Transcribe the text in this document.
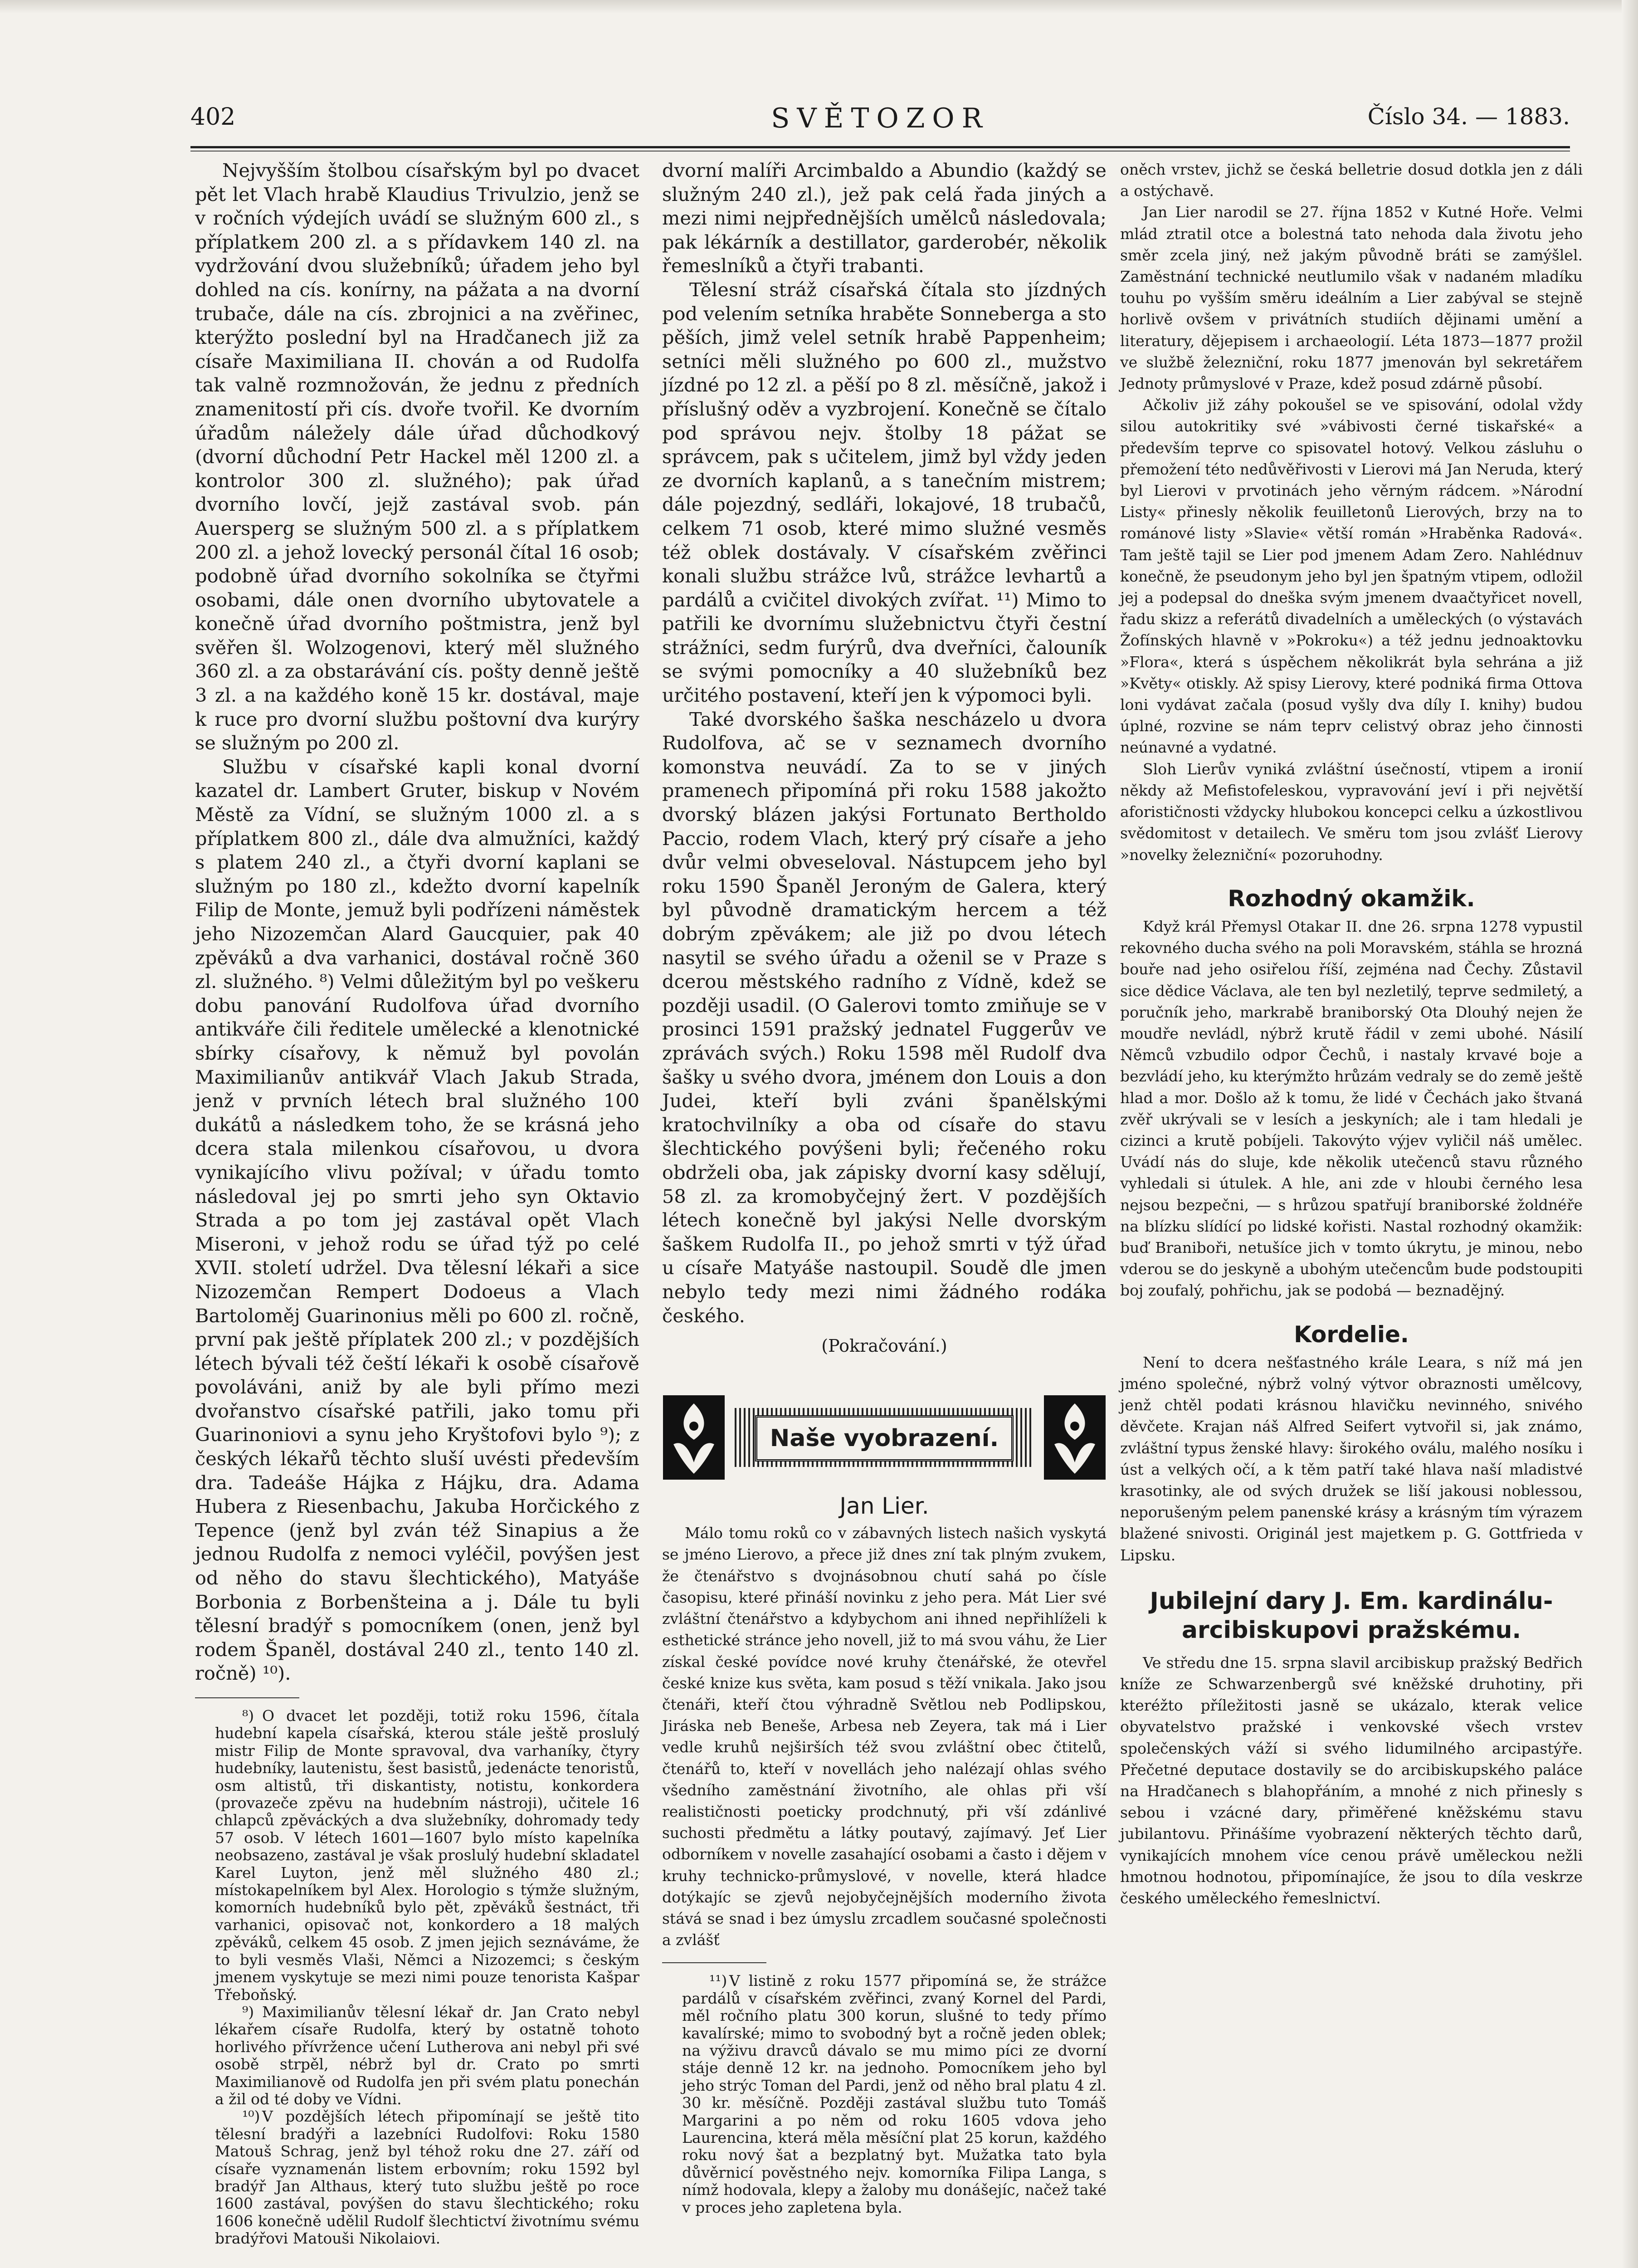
402	SVĚTOZOR	Číslo 34. — 1883.

Nejvyšším štolbou císařským byl po dvacet pět let Vlach hrabě Klaudius Trivulzio, jenž se v ročních výdejích uvádí se služným 600 zl., s příplatkem 200 zl. a s přídavkem 140 zl. na vydržování dvou služebníků; úřadem jeho byl dohled na cís. konírny, na pážata a na dvorní trubače, dále na cís. zbrojnici a na zvěřinec, kterýžto poslední byl na Hradčanech již za císaře Maximiliana II. chován a od Rudolfa tak valně rozmnožován, že jednu z předních znamenitostí při cís. dvoře tvořil. Ke dvorním úřadům náležely dále úřad důchodkový (dvorní důchodní Petr Hackel měl 1200 zl. a kontrolor 300 zl. služného); pak úřad dvorního lovčí, jejž zastával svob. pán Auersperg se služným 500 zl. a s příplatkem 200 zl. a jehož lovecký personál čítal 16 osob; podobně úřad dvorního sokolníka se čtyřmi osobami, dále onen dvorního ubytovatele a konečně úřad dvorního poštmistra, jenž byl svěřen šl. Wolzogenovi, který měl služného 360 zl. a za obstarávání cís. pošty denně ještě 3 zl. a na každého koně 15 kr. dostával, maje k ruce pro dvorní službu poštovní dva kurýry se služným po 200 zl.

Službu v císařské kapli konal dvorní kazatel dr. Lambert Gruter, biskup v Novém Městě za Vídní, se služným 1000 zl. a s příplatkem 800 zl., dále dva almužníci, každý s platem 240 zl., a čtyři dvorní kaplani se služným po 180 zl., kdežto dvorní kapelník Filip de Monte, jemuž byli podřízeni náměstek jeho Nizozemčan Alard Gaucquier, pak 40 zpěváků a dva varhanici, dostával ročně 360 zl. služného. ⁸) Velmi důležitým byl po veškeru dobu panování Rudolfova úřad dvorního antikváře čili ředitele umělecké a klenotnické sbírky císařovy, k němuž byl povolán Maximilianův antikvář Vlach Jakub Strada, jenž v prvních létech bral služného 100 dukátů a následkem toho, že se krásná jeho dcera stala milenkou císařovou, u dvora vynikajícího vlivu požíval; v úřadu tomto následoval jej po smrti jeho syn Oktavio Strada a po tom jej zastával opět Vlach Miseroni, v jehož rodu se úřad týž po celé XVII. století udržel. Dva tělesní lékaři a sice Nizozemčan Rempert Dodoeus a Vlach Bartoloměj Guarinonius měli po 600 zl. ročně, první pak ještě příplatek 200 zl.; v pozdějších létech bývali též čeští lékaři k osobě císařově povoláváni, aniž by ale byli přímo mezi dvořanstvo císařské patřili, jako tomu při Guarinoniovi a synu jeho Kryštofovi bylo ⁹); z českých lékařů těchto sluší uvésti především dra. Tadeáše Hájka z Hájku, dra. Adama Hubera z Riesenbachu, Jakuba Horčického z Tepence (jenž byl zván též Sinapius a že jednou Rudolfa z nemoci vyléčil, povýšen jest od něho do stavu šlechtického), Matyáše Borbonia z Borbenšteina a j. Dále tu byli tělesní bradýř s pomocníkem (onen, jenž byl rodem Španěl, dostával 240 zl., tento 140 zl. ročně) ¹⁰).

⁸) O dvacet let později, totiž roku 1596, čítala hudební kapela císařská, kterou stále ještě proslulý mistr Filip de Monte spravoval, dva varhaníky, čtyry hudebníky, lautenistu, šest basistů, jedenácte tenoristů, osm altistů, tři diskantisty, notistu, konkordera (provazeče zpěvu na hudebním nástroji), učitele 16 chlapců zpěváckých a dva služebníky, dohromady tedy 57 osob. V létech 1601—1607 bylo místo kapelníka neobsazeno, zastával je však proslulý hudební skladatel Karel Luyton, jenž měl služného 480 zl.; místokapelníkem byl Alex. Horologio s týmže služným, komorních hudebníků bylo pět, zpěváků šestnáct, tři varhanici, opisovač not, konkordero a 18 malých zpěváků, celkem 45 osob. Z jmen jejich seznáváme, že to byli vesměs Vlaši, Němci a Nizozemci; s českým jmenem vyskytuje se mezi nimi pouze tenorista Kašpar Třeboňský.

⁹) Maximilianův tělesní lékař dr. Jan Crato nebyl lékařem císaře Rudolfa, který by ostatně tohoto horlivého přívržence učení Lutherova ani nebyl při své osobě strpěl, nébrž byl dr. Crato po smrti Maximilianově od Rudolfa jen při svém platu ponechán a žil od té doby ve Vídni.

¹⁰) V pozdějších létech připomínají se ještě tito tělesní bradýři a lazebníci Rudolfovi: Roku 1580 Matouš Schrag, jenž byl téhož roku dne 27. září od císaře vyznamenán listem erbovním; roku 1592 byl bradýř Jan Althaus, který tuto službu ještě po roce 1600 zastával, povýšen do stavu šlechtického; roku 1606 konečně udělil Rudolf šlechtictví životnímu svému bradýřovi Matouši Nikolaiovi.

dvorní malíři Arcimbaldo a Abundio (každý se služným 240 zl.), jež pak celá řada jiných a mezi nimi nejpřednějších umělců následovala; pak lékárník a destillator, garderobér, několik řemeslníků a čtyři trabanti.

Tělesní stráž císařská čítala sto jízdných pod velením setníka hraběte Sonneberga a sto pěších, jimž velel setník hrabě Pappenheim; setníci měli služného po 600 zl., mužstvo jízdné po 12 zl. a pěší po 8 zl. měsíčně, jakož i příslušný oděv a vyzbrojení. Konečně se čítalo pod správou nejv. štolby 18 pážat se správcem, pak s učitelem, jimž byl vždy jeden ze dvorních kaplanů, a s tanečním mistrem; dále pojezdný, sedláři, lokajové, 18 trubačů, celkem 71 osob, které mimo služné vesměs též oblek dostávaly. V císařském zvěřinci konali službu strážce lvů, strážce levhartů a pardálů a cvičitel divokých zvířat. ¹¹) Mimo to patřili ke dvornímu služebnictvu čtyři čestní strážníci, sedm furýrů, dva dveřníci, čalouník se svými pomocníky a 40 služebníků bez určitého postavení, kteří jen k výpomoci byli.

Také dvorského šaška nescházelo u dvora Rudolfova, ač se v seznamech dvorního komonstva neuvádí. Za to se v jiných pramenech připomíná při roku 1588 jakožto dvorský blázen jakýsi Fortunato Bertholdo Paccio, rodem Vlach, který prý císaře a jeho dvůr velmi obveseloval. Nástupcem jeho byl roku 1590 Španěl Jeroným de Galera, který byl původně dramatickým hercem a též dobrým zpěvákem; ale již po dvou létech nasytil se svého úřadu a oženil se v Praze s dcerou městského radního z Vídně, kdež se později usadil. (O Galerovi tomto zmiňuje se v prosinci 1591 pražský jednatel Fuggerův ve zprávách svých.) Roku 1598 měl Rudolf dva šašky u svého dvora, jménem don Louis a don Judei, kteří byli zváni španělskými kratochvilníky a oba od císaře do stavu šlechtického povýšeni byli; řečeného roku obdrželi oba, jak zápisky dvorní kasy sdělují, 58 zl. za kromobyčejný žert. V pozdějších létech konečně byl jakýsi Nelle dvorským šaškem Rudolfa II., po jehož smrti v týž úřad u císaře Matyáše nastoupil. Soudě dle jmen nebylo tedy mezi nimi žádného rodáka českého.

(Pokračování.)
Naše vyobrazení.
Jan Lier.

Málo tomu roků co v zábavných listech našich vyskytá se jméno Lierovo, a přece již dnes zní tak plným zvukem, že čtenářstvo s dvojnásobnou chutí sahá po čísle časopisu, které přináší novinku z jeho pera. Mát Lier své zvláštní čtenářstvo a kdybychom ani ihned nepřihlíželi k esthetické stránce jeho novell, již to má svou váhu, že Lier získal české povídce nové kruhy čtenářské, že otevřel české knize kus světa, kam posud s těží vnikala. Jako jsou čtenáři, kteří čtou výhradně Světlou neb Podlipskou, Jiráska neb Beneše, Arbesa neb Zeyera, tak má i Lier vedle kruhů nejširších též svou zvláštní obec čtitelů, čtenářů to, kteří v novellách jeho nalézají ohlas svého všedního zaměstnání životního, ale ohlas při vší realističnosti poeticky prodchnutý, při vší zdánlivé suchosti předmětu a látky poutavý, zajímavý. Jeť Lier odborníkem v novelle zasahající osobami a často i dějem v kruhy technicko-průmyslové, v novelle, která hladce dotýkajíc se zjevů nejobyčejnějších moderního života stává se snad i bez úmyslu zrcadlem současné společnosti a zvlášť

¹¹) V listině z roku 1577 připomíná se, že strážce pardálů v císařském zvěřinci, zvaný Kornel del Pardi, měl ročního platu 300 korun, slušné to tedy přímo kavalírské; mimo to svobodný byt a ročně jeden oblek; na výživu dravců dávalo se mu mimo píci ze dvorní stáje denně 12 kr. na jednoho. Pomocníkem jeho byl jeho strýc Toman del Pardi, jenž od něho bral platu 4 zl. 30 kr. měsíčně. Později zastával službu tuto Tomáš Margarini a po něm od roku 1605 vdova jeho Laurencina, která měla měsíční plat 25 korun, každého roku nový šat a bezplatný byt. Mužatka tato byla důvěrnicí pověstného nejv. komorníka Filipa Langa, s nímž hodovala, klepy a žaloby mu donášejíc, načež také v proces jeho zapletena byla.

oněch vrstev, jichž se česká belletrie dosud dotkla jen z dáli a ostýchavě.

Jan Lier narodil se 27. října 1852 v Kutné Hoře. Velmi mlád ztratil otce a bolestná tato nehoda dala životu jeho směr zcela jiný, než jakým původně bráti se zamýšlel. Zaměstnání technické neutlumilo však v nadaném mladíku touhu po vyšším směru ideálním a Lier zabýval se stejně horlivě ovšem v privátních studiích dějinami umění a literatury, dějepisem i archaeologií. Léta 1873—1877 prožil ve službě železniční, roku 1877 jmenován byl sekretářem Jednoty průmyslové v Praze, kdež posud zdárně působí.

Ačkoliv již záhy pokoušel se ve spisování, odolal vždy silou autokritiky své »vábivosti černé tiskařské« a především teprve co spisovatel hotový. Velkou zásluhu o přemožení této nedůvěřivosti v Lierovi má Jan Neruda, který byl Lierovi v prvotinách jeho věrným rádcem. »Národní Listy« přinesly několik feuilletonů Lierových, brzy na to románové listy »Slavie« větší román »Hraběnka Radová«. Tam ještě tajil se Lier pod jmenem Adam Zero. Nahlédnuv konečně, že pseudonym jeho byl jen špatným vtipem, odložil jej a podepsal do dneška svým jmenem dvaačtyřicet novell, řadu skizz a referátů divadelních a uměleckých (o výstavách Žofínských hlavně v »Pokroku«) a též jednu jednoaktovku »Flora«, která s úspěchem několikrát byla sehrána a již »Květy« otiskly. Až spisy Lierovy, které podniká firma Ottova loni vydávat začala (posud vyšly dva díly I. knihy) budou úplné, rozvine se nám teprv celistvý obraz jeho činnosti neúnavné a vydatné.

Sloh Lierův vyniká zvláštní úsečností, vtipem a ironií někdy až Mefistofeleskou, vypravování jeví i při největší aforističnosti vždycky hlubokou koncepci celku a úzkostlivou svědomitost v detailech. Ve směru tom jsou zvlášť Lierovy »novelky železniční« pozoruhodny.

Rozhodný okamžik.

Když král Přemysl Otakar II. dne 26. srpna 1278 vypustil rekovného ducha svého na poli Moravském, stáhla se hrozná bouře nad jeho osiřelou říší, zejména nad Čechy. Zůstavil sice dědice Václava, ale ten byl nezletilý, teprve sedmiletý, a poručník jeho, markrabě braniborský Ota Dlouhý nejen že moudře nevládl, nýbrž krutě řádil v zemi ubohé. Násilí Němců vzbudilo odpor Čechů, i nastaly krvavé boje a bezvládí jeho, ku kterýmžto hrůzám vedraly se do země ještě hlad a mor. Došlo až k tomu, že lidé v Čechách jako štvaná zvěř ukrývali se v lesích a jeskyních; ale i tam hledali je cizinci a krutě pobíjeli. Takovýto výjev vyličil náš umělec. Uvádí nás do sluje, kde několik utečenců stavu různého vyhledali si útulek. A hle, ani zde v hloubi černého lesa nejsou bezpečni, — s hrůzou spatřují braniborské žoldnéře na blízku slídící po lidské kořisti. Nastal rozhodný okamžik: buď Braniboři, netušíce jich v tomto úkrytu, je minou, nebo vderou se do jeskyně a ubohým utečencům bude podstoupiti boj zoufalý, pohřichu, jak se podobá — beznadějný.

Kordelie.

Není to dcera nešťastného krále Leara, s níž má jen jméno společné, nýbrž volný výtvor obraznosti umělcovy, jenž chtěl podati krásnou hlavičku nevinného, snivého děvčete. Krajan náš Alfred Seifert vytvořil si, jak známo, zvláštní typus ženské hlavy: širokého oválu, malého nosíku i úst a velkých očí, a k těm patří také hlava naší mladistvé krasotinky, ale od svých družek se liší jakousi noblessou, neporušeným pelem panenské krásy a krásným tím výrazem blažené snivosti. Originál jest majetkem p. G. Gottfrieda v Lipsku.

Jubilejní dary J. Em. kardinálu-arcibiskupovi pražskému.

Ve středu dne 15. srpna slavil arcibiskup pražský Bedřich kníže ze Schwarzenbergů své kněžské druhotiny, při kteréžto příležitosti jasně se ukázalo, kterak velice obyvatelstvo pražské i venkovské všech vrstev společenských váží si svého lidumilného arcipastýře. Přečetné deputace dostavily se do arcibiskupského paláce na Hradčanech s blahopřáním, a mnohé z nich přinesly s sebou i vzácné dary, přiměřené kněžskému stavu jubilantovu. Přinášíme vyobrazení některých těchto darů, vynikajících mnohem více cenou právě uměleckou nežli hmotnou hodnotou, připomínajíce, že jsou to díla veskrze českého uměleckého řemeslnictví.
